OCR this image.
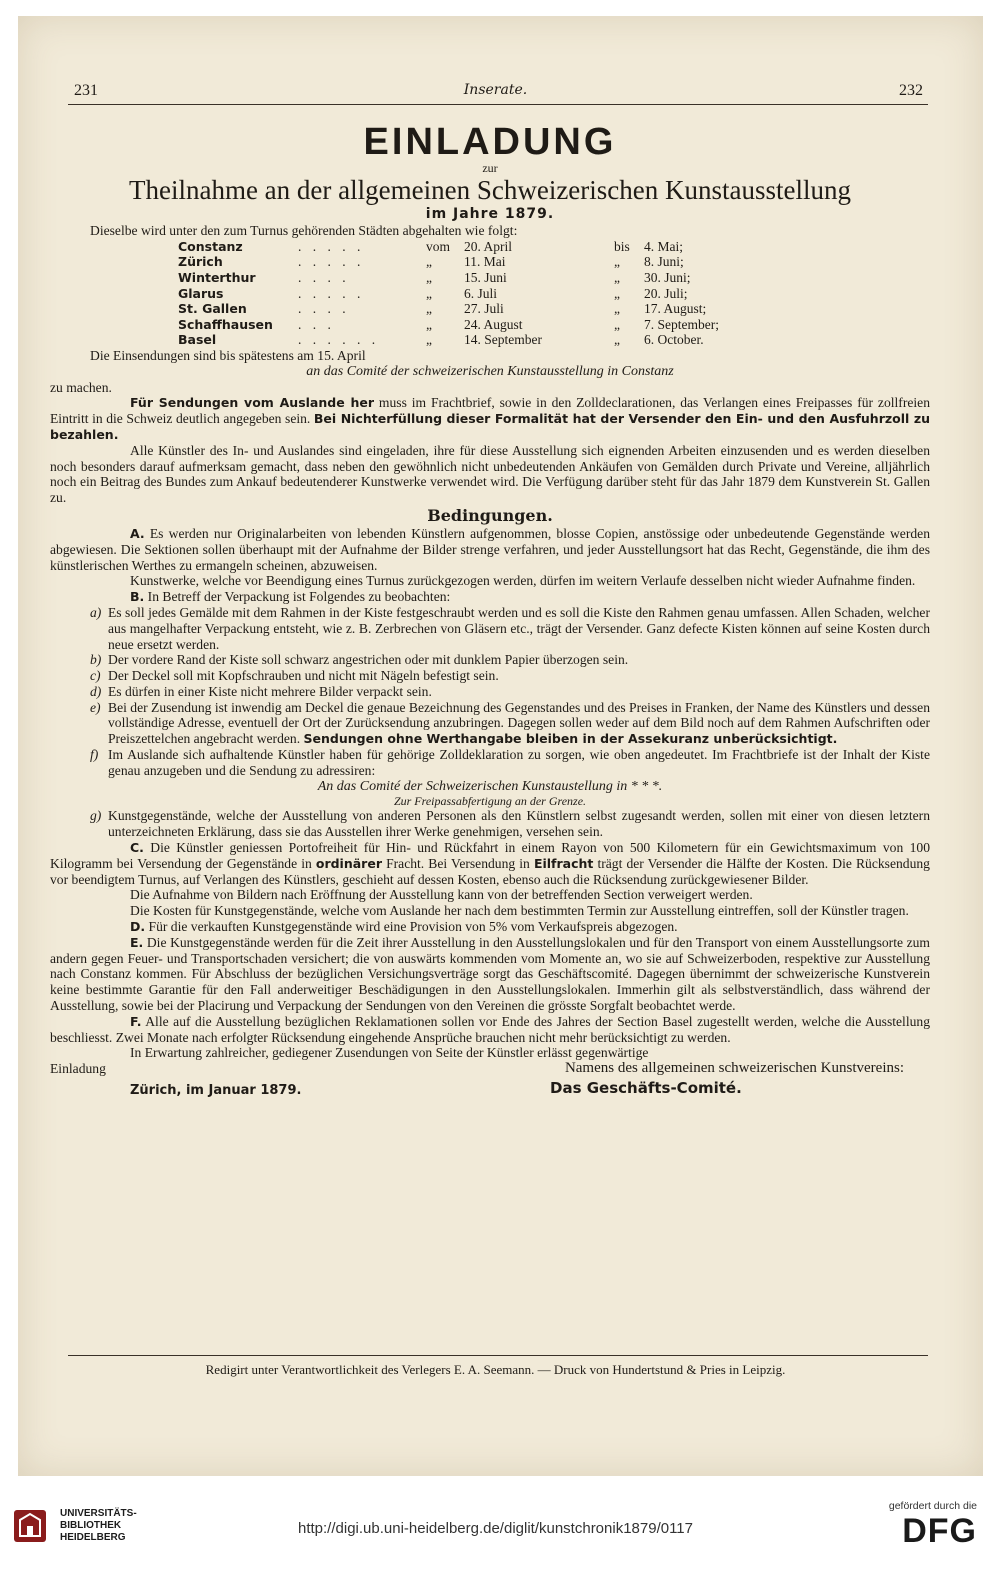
231	Inserate.	232
EINLADUNG
zur
Theilnahme an der allgemeinen Schweizerischen Kunstausstellung
im Jahre 1879.

Dieselbe wird unter den zum Turnus gehörenden Städten abgehalten wie folgt:

Constanz	. . . . .	vom	20. April	bis	4. Mai;
Zürich	. . . . .	„	11. Mai	„	8. Juni;
Winterthur	. . . .	„	15. Juni	„	30. Juni;
Glarus	. . . . .	„	6. Juli	„	20. Juli;
St. Gallen	. . . .	„	27. Juli	„	17. August;
Schaffhausen	. . .	„	24. August	„	7. September;
Basel	. . . . . .	„	14. September	„	6. October.

Die Einsendungen sind bis spätestens am 15. April

an das Comité der schweizerischen Kunstausstellung in Constanz

zu machen.

Für Sendungen vom Auslande her muss im Frachtbrief, sowie in den Zolldeclarationen, das Verlangen eines Freipasses für zollfreien Eintritt in die Schweiz deutlich angegeben sein. Bei Nichterfüllung dieser Formalität hat der Versender den Ein- und den Ausfuhrzoll zu bezahlen.

Alle Künstler des In- und Auslandes sind eingeladen, ihre für diese Ausstellung sich eignenden Arbeiten einzusenden und es werden dieselben noch besonders darauf aufmerksam gemacht, dass neben den gewöhnlich nicht unbedeutenden Ankäufen von Gemälden durch Private und Vereine, alljährlich noch ein Beitrag des Bundes zum Ankauf bedeutenderer Kunstwerke verwendet wird. Die Verfügung darüber steht für das Jahr 1879 dem Kunstverein St. Gallen zu.

Bedingungen.

A. Es werden nur Originalarbeiten von lebenden Künstlern aufgenommen, blosse Copien, anstössige oder unbedeutende Gegenstände werden abgewiesen. Die Sektionen sollen überhaupt mit der Aufnahme der Bilder strenge verfahren, und jeder Ausstellungsort hat das Recht, Gegenstände, die ihm des künstlerischen Werthes zu ermangeln scheinen, abzuweisen.

Kunstwerke, welche vor Beendigung eines Turnus zurückgezogen werden, dürfen im weitern Verlaufe desselben nicht wieder Aufnahme finden.

B. In Betreff der Verpackung ist Folgendes zu beobachten:

a) Es soll jedes Gemälde mit dem Rahmen in der Kiste festgeschraubt werden und es soll die Kiste den Rahmen genau umfassen. Allen Schaden, welcher aus mangelhafter Verpackung entsteht, wie z. B. Zerbrechen von Gläsern etc., trägt der Versender. Ganz defecte Kisten können auf seine Kosten durch neue ersetzt werden.

b) Der vordere Rand der Kiste soll schwarz angestrichen oder mit dunklem Papier überzogen sein.

c) Der Deckel soll mit Kopfschrauben und nicht mit Nägeln befestigt sein.

d) Es dürfen in einer Kiste nicht mehrere Bilder verpackt sein.

e) Bei der Zusendung ist inwendig am Deckel die genaue Bezeichnung des Gegenstandes und des Preises in Franken, der Name des Künstlers und dessen vollständige Adresse, eventuell der Ort der Zurücksendung anzubringen. Dagegen sollen weder auf dem Bild noch auf dem Rahmen Aufschriften oder Preiszettelchen angebracht werden. Sendungen ohne Werthangabe bleiben in der Assekuranz unberücksichtigt.

f) Im Auslande sich aufhaltende Künstler haben für gehörige Zolldeklaration zu sorgen, wie oben angedeutet. Im Frachtbriefe ist der Inhalt der Kiste genau anzugeben und die Sendung zu adressiren:

An das Comité der Schweizerischen Kunstaustellung in * * *.

Zur Freipassabfertigung an der Grenze.

g) Kunstgegenstände, welche der Ausstellung von anderen Personen als den Künstlern selbst zugesandt werden, sollen mit einer von diesen letztern unterzeichneten Erklärung, dass sie das Ausstellen ihrer Werke genehmigen, versehen sein.

C. Die Künstler geniessen Portofreiheit für Hin- und Rückfahrt in einem Rayon von 500 Kilometern für ein Gewichtsmaximum von 100 Kilogramm bei Versendung der Gegenstände in ordinärer Fracht. Bei Versendung in Eilfracht trägt der Versender die Hälfte der Kosten. Die Rücksendung vor beendigtem Turnus, auf Verlangen des Künstlers, geschieht auf dessen Kosten, ebenso auch die Rücksendung zurückgewiesener Bilder.

Die Aufnahme von Bildern nach Eröffnung der Ausstellung kann von der betreffenden Section verweigert werden.

Die Kosten für Kunstgegenstände, welche vom Auslande her nach dem bestimmten Termin zur Ausstellung eintreffen, soll der Künstler tragen.

D. Für die verkauften Kunstgegenstände wird eine Provision von 5% vom Verkaufspreis abgezogen.

E. Die Kunstgegenstände werden für die Zeit ihrer Ausstellung in den Ausstellungslokalen und für den Transport von einem Ausstellungsorte zum andern gegen Feuer- und Transportschaden versichert; die von auswärts kommenden vom Momente an, wo sie auf Schweizerboden, respektive zur Ausstellung nach Constanz kommen. Für Abschluss der bezüglichen Versichungsverträge sorgt das Geschäftscomité. Dagegen übernimmt der schweizerische Kunstverein keine bestimmte Garantie für den Fall anderweitiger Beschädigungen in den Ausstellungslokalen. Immerhin gilt als selbstverständlich, dass während der Ausstellung, sowie bei der Placirung und Verpackung der Sendungen von den Vereinen die grösste Sorgfalt beobachtet werde.

F. Alle auf die Ausstellung bezüglichen Reklamationen sollen vor Ende des Jahres der Section Basel zugestellt werden, welche die Ausstellung beschliesst. Zwei Monate nach erfolgter Rücksendung eingehende Ansprüche brauchen nicht mehr berücksichtigt zu werden.

In Erwartung zahlreicher, gediegener Zusendungen von Seite der Künstler erlässt gegenwärtige

Einladung	Namens des allgemeinen schweizerischen Kunstvereins:
Zürich, im Januar 1879.	Das Geschäfts-Comité.
Redigirt unter Verantwortlichkeit des Verlegers E. A. Seemann. — Druck von Hundertstund & Pries in Leipzig.
UNIVERSITÄTS-
BIBLIOTHEK
HEIDELBERG
http://digi.ub.uni-heidelberg.de/diglit/kunstchronik1879/0117
gefördert durch die
DFG
